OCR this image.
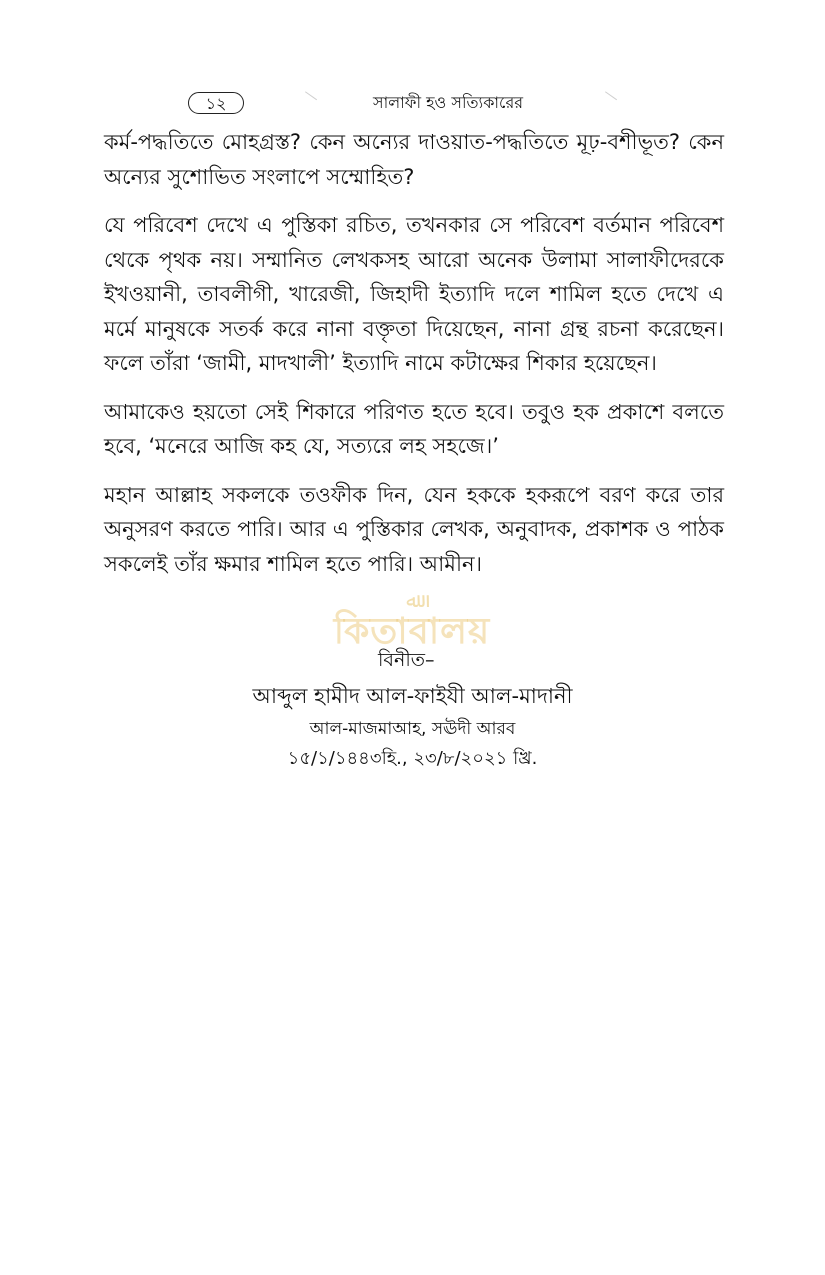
১২	সালাফী হও সত্যিকারের

কর্ম-পদ্ধতিতে মোহগ্রস্ত? কেন অন্যের দাওয়াত-পদ্ধতিতে মূঢ়-বশীভূত? কেন অন্যের সুশোভিত সংলাপে সম্মোহিত?

যে পরিবেশ দেখে এ পুস্তিকা রচিত, তখনকার সে পরিবেশ বর্তমান পরিবেশ থেকে পৃথক নয়। সম্মানিত লেখকসহ আরো অনেক উলামা সালাফীদেরকে ইখওয়ানী, তাবলীগী, খারেজী, জিহাদী ইত্যাদি দলে শামিল হতে দেখে এ মর্মে মানুষকে সতর্ক করে নানা বক্তৃতা দিয়েছেন, নানা গ্রন্থ রচনা করেছেন। ফলে তাঁরা ‘জামী, মাদখালী’ ইত্যাদি নামে কটাক্ষের শিকার হয়েছেন।

আমাকেও হয়তো সেই শিকারে পরিণত হতে হবে। তবুও হক প্রকাশে বলতে হবে, ‘মনেরে আজি কহ যে, সত্যরে লহ সহজে।’

মহান আল্লাহ সকলকে তওফীক দিন, যেন হককে হকরূপে বরণ করে তার অনুসরণ করতে পারি। আর এ পুস্তিকার লেখক, অনুবাদক, প্রকাশক ও পাঠক সকলেই তাঁর ক্ষমার শামিল হতে পারি। আমীন।

ﷲ
কিতাবালয়
বিনীত–
আব্দুল হামীদ আল-ফাইযী আল-মাদানী
আল-মাজমাআহ, সঊদী আরব
১৫/১/১৪৪৩হি., ২৩/৮/২০২১ খ্রি.
